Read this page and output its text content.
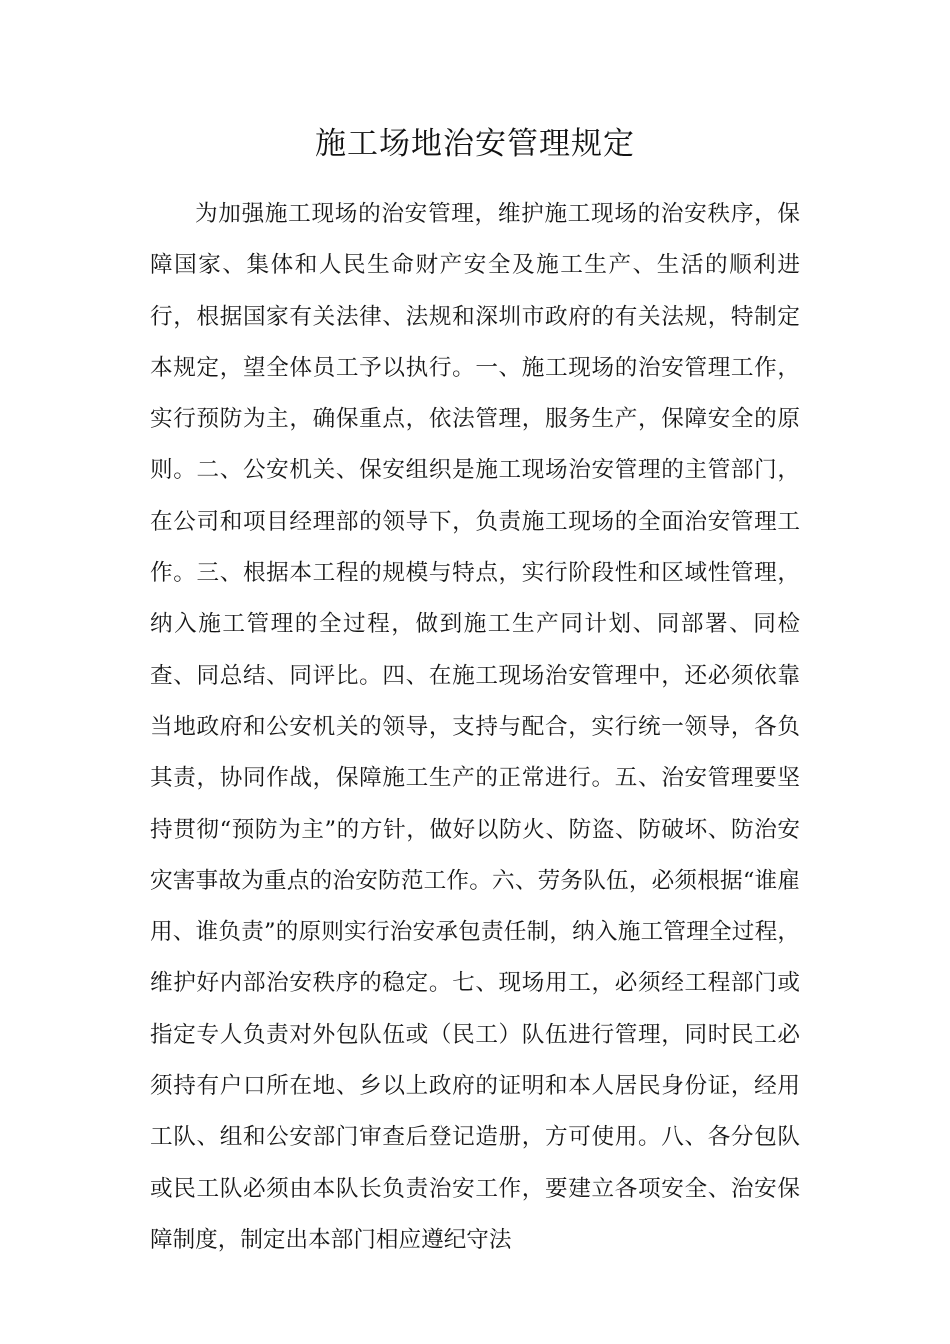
施工场地治安管理规定

为加强施工现场的治安管理，维护施工现场的治安秩序，保障国家、集体和人民生命财产安全及施工生产、生活的顺利进行，根据国家有关法律、法规和深圳市政府的有关法规，特制定本规定，望全体员工予以执行。一、施工现场的治安管理工作，实行预防为主，确保重点，依法管理，服务生产，保障安全的原则。二、公安机关、保安组织是施工现场治安管理的主管部门，在公司和项目经理部的领导下，负责施工现场的全面治安管理工作。三、根据本工程的规模与特点，实行阶段性和区域性管理，纳入施工管理的全过程，做到施工生产同计划、同部署、同检查、同总结、同评比。四、在施工现场治安管理中，还必须依靠当地政府和公安机关的领导，支持与配合，实行统一领导，各负其责，协同作战，保障施工生产的正常进行。五、治安管理要坚持贯彻“预防为主”的方针，做好以防火、防盗、防破坏、防治安灾害事故为重点的治安防范工作。六、劳务队伍，必须根据“谁雇用、谁负责”的原则实行治安承包责任制，纳入施工管理全过程，维护好内部治安秩序的稳定。七、现场用工，必须经工程部门或指定专人负责对外包队伍或（民工）队伍进行管理，同时民工必须持有户口所在地、乡以上政府的证明和本人居民身份证，经用工队、组和公安部门审查后登记造册，方可使用。八、各分包队或民工队必须由本队长负责治安工作，要建立各项安全、治安保障制度，制定出本部门相应遵纪守法
